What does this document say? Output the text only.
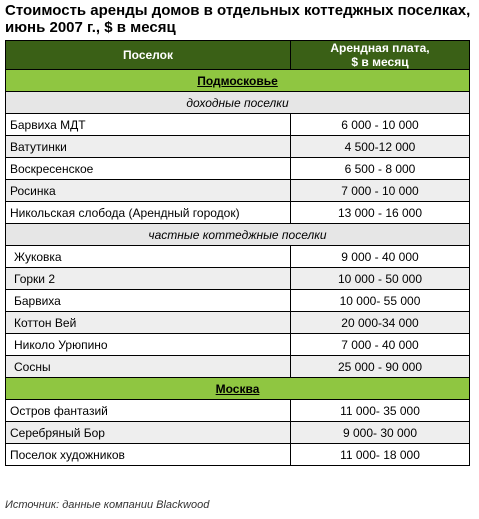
Стоимость аренды домов в отдельных коттеджных поселках,
июнь 2007 г., $ в месяц
Поселок	Арендная плата,
$ в месяц
Подмосковье	
доходные поселки	
Барвиха МДТ	6 000 - 10 000
Ватутинки	4 500-12 000
Воскресенское	6 500 - 8 000
Росинка	7 000 - 10 000
Никольская слобода (Арендный городок)	13 000 - 16 000
частные коттеджные поселки	
Жуковка	9 000 - 40 000
Горки 2	10 000 - 50 000
Барвиха	10 000- 55 000
Коттон Вей	20 000-34 000
Николо Урюпино	7 000 - 40 000
Сосны	25 000 - 90 000
Москва	
Остров фантазий	11 000- 35 000
Серебряный Бор	9 000- 30 000
Поселок художников	11 000- 18 000
Источник: данные компании Blackwood
